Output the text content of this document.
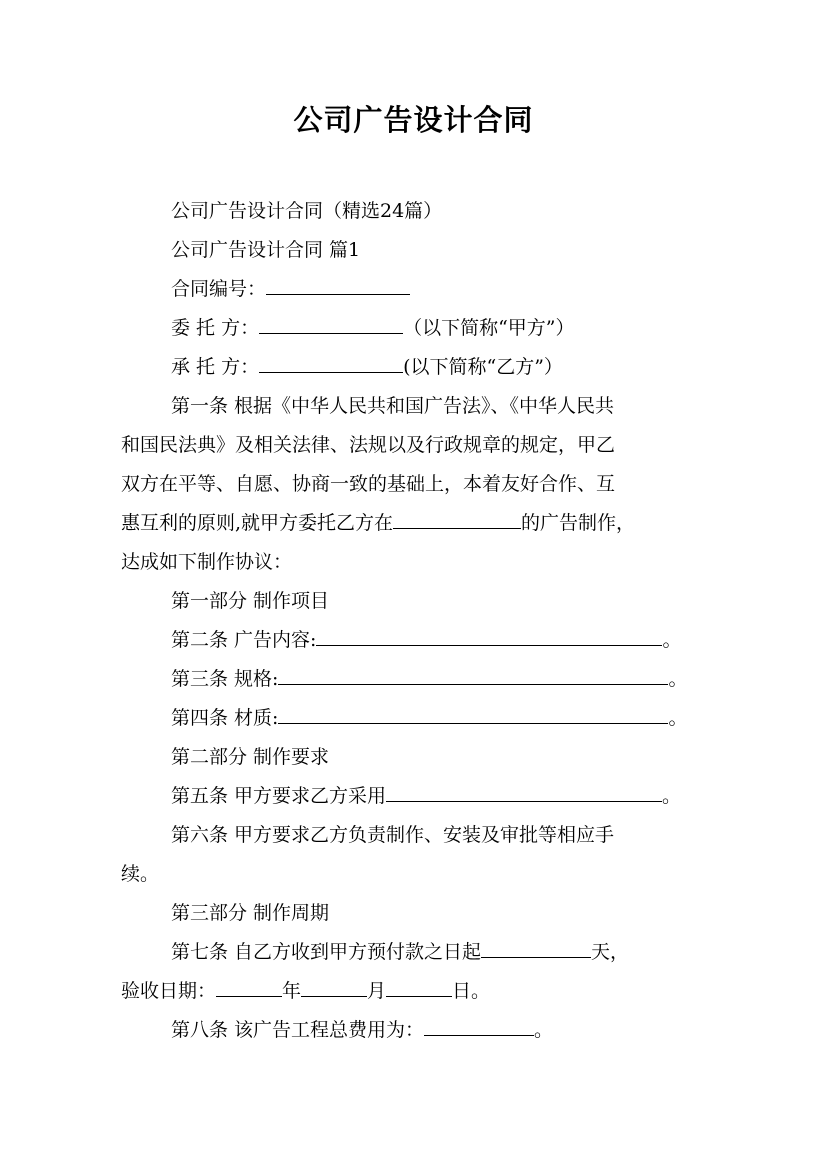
公司广告设计合同
公司广告设计合同（精选24篇）
公司广告设计合同 篇1
合同编号：
委 托 方：	（以下简称“甲方”）
承 托 方：	(以下简称“乙方”）
第一条 根据《中华人民共和国广告法》、《中华人民共
和国民法典》及相关法律、法规以及行政规章的规定，甲乙
双方在平等、自愿、协商一致的基础上，本着友好合作、互
惠互利的原则,就甲方委托乙方在	的广告制作，
达成如下制作协议：
第一部分 制作项目
第二条 广告内容:	。
第三条 规格:	。
第四条 材质:	。
第二部分 制作要求
第五条 甲方要求乙方采用	。
第六条 甲方要求乙方负责制作、安装及审批等相应手
续。
第三部分 制作周期
第七条 自乙方收到甲方预付款之日起	天，
验收日期：	年	月	日。
第八条 该广告工程总费用为：	。
